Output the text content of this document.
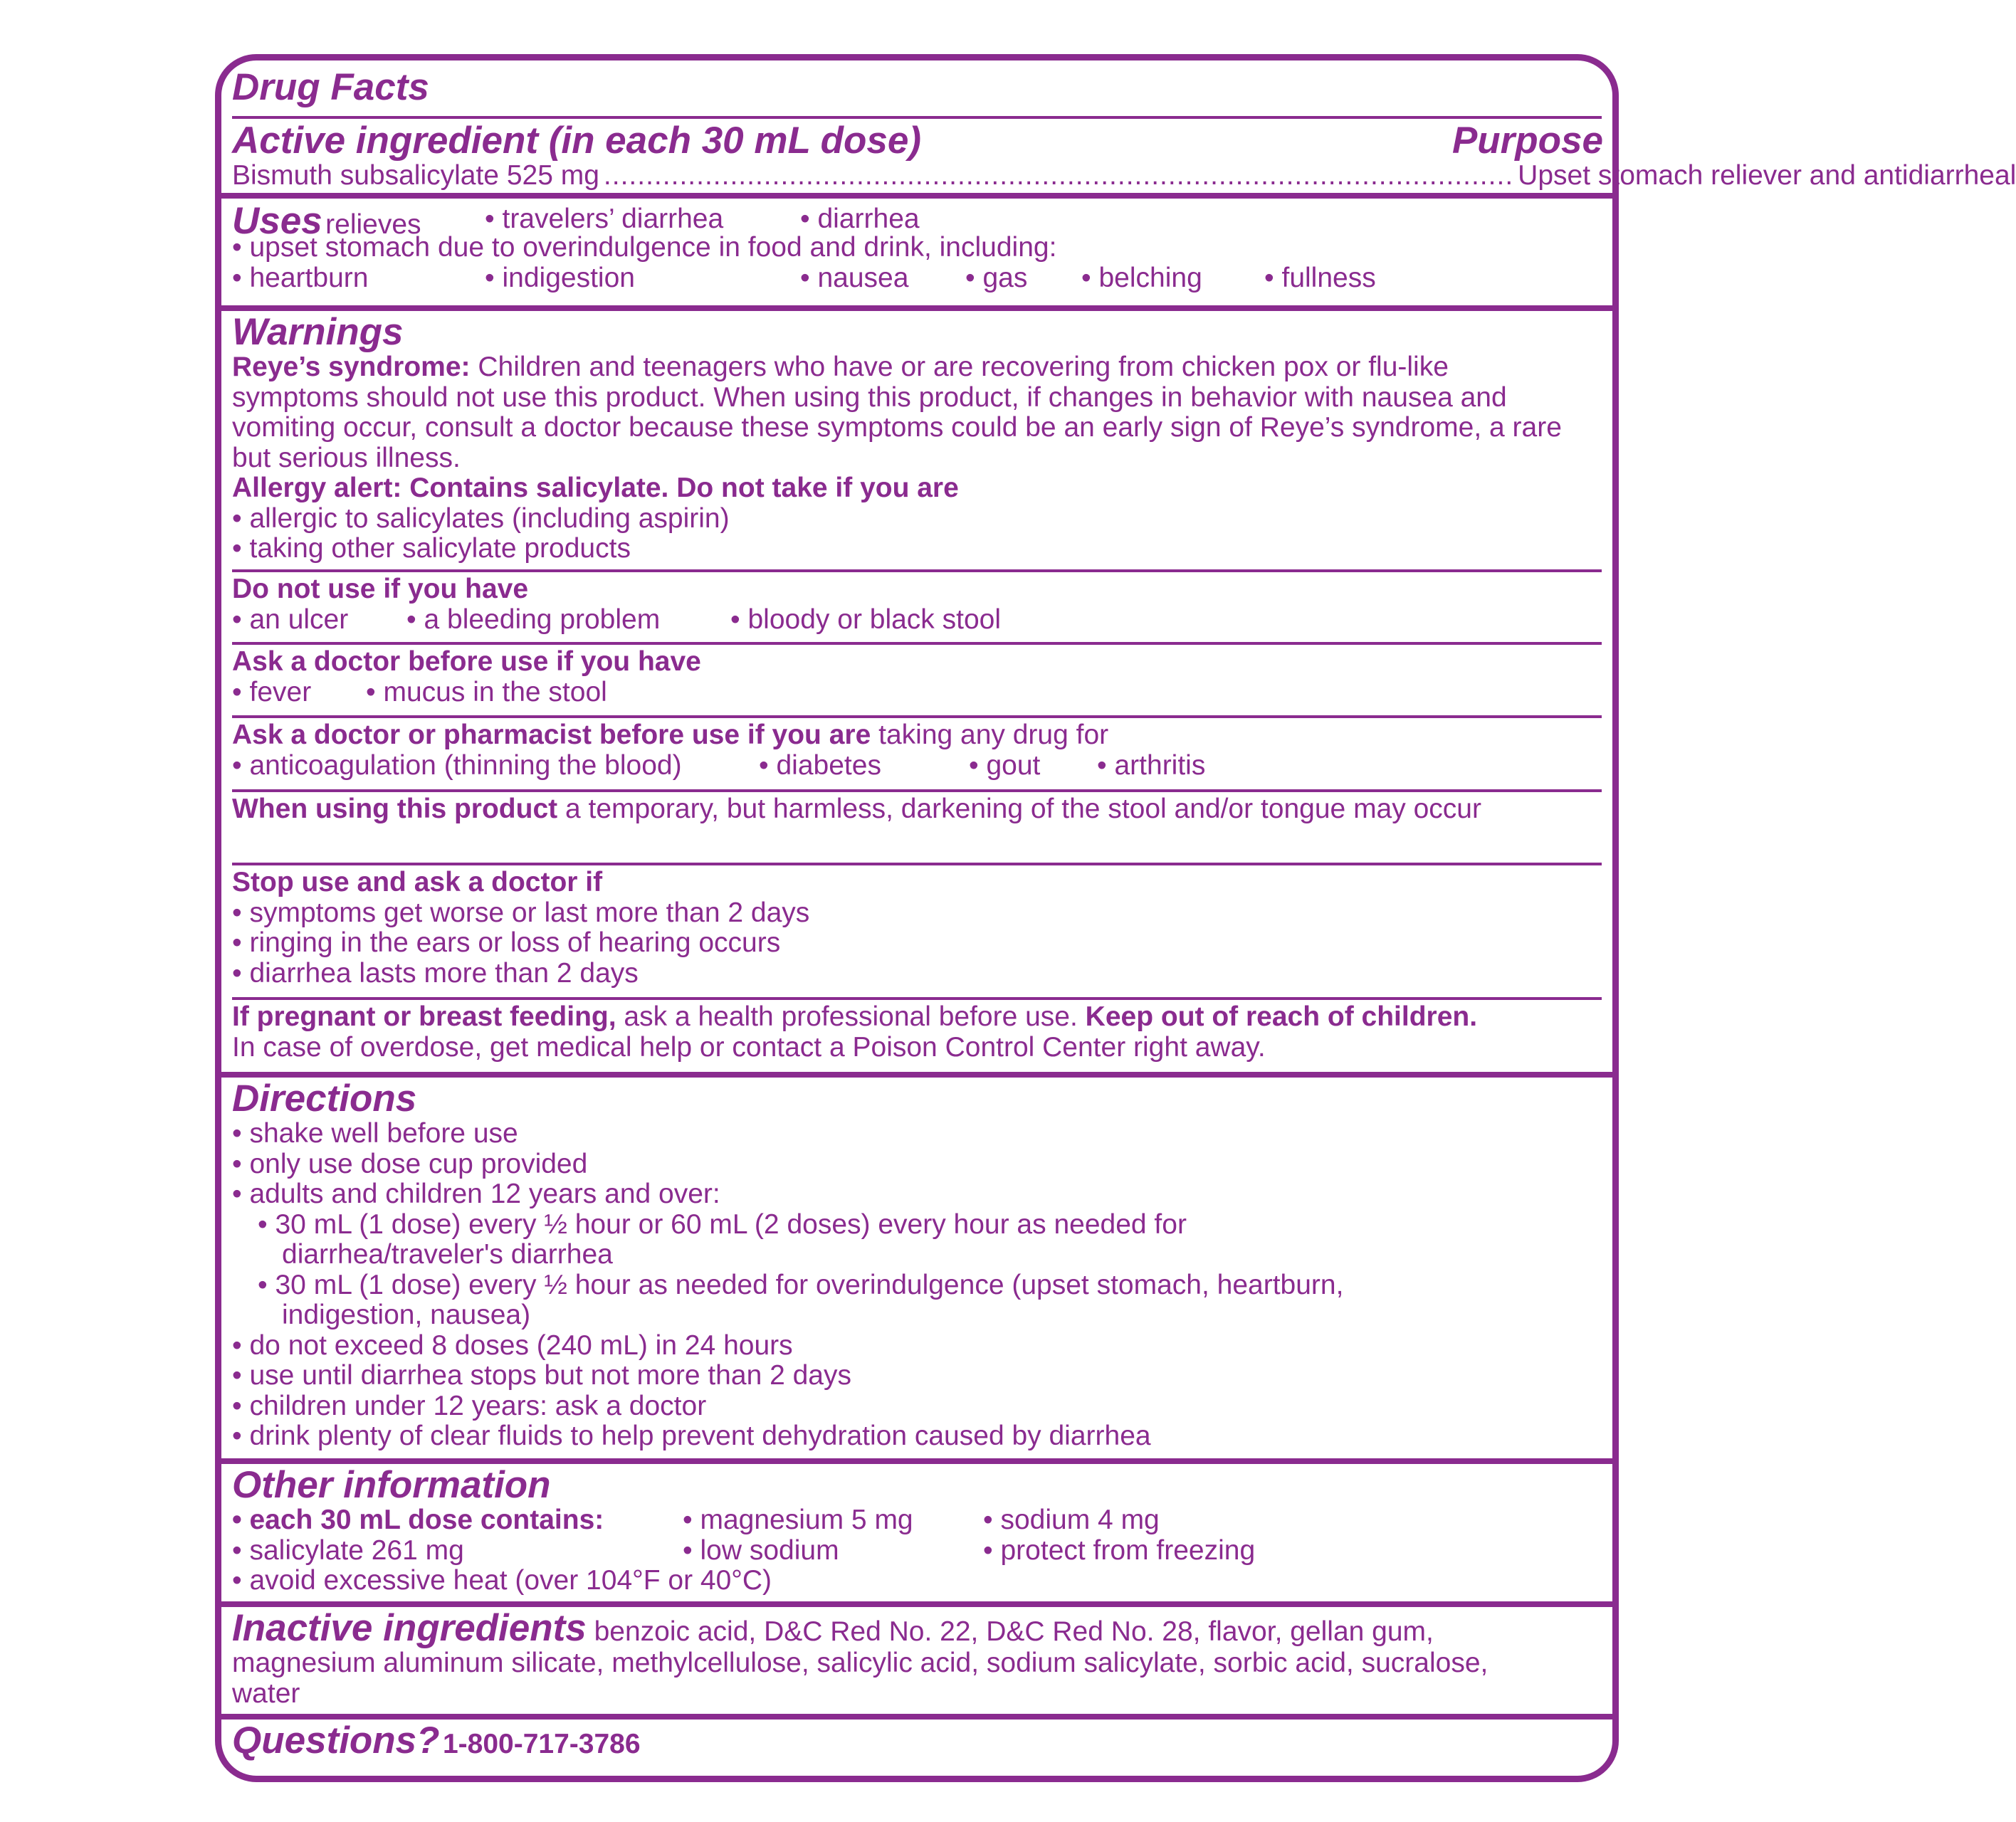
Drug Facts
Active ingredient (in each 30 mL dose)	Purpose
Bismuth subsalicylate 525 mg ............................................................................................................ Upset stomach reliever and antidiarrheal
Uses relieves • travelers’ diarrhea	• diarrhea
• upset stomach due to overindulgence in food and drink, including:
• heartburn	• indigestion	• nausea • gas • belching • fullness
Warnings
Reye’s syndrome: Children and teenagers who have or are recovering from chicken pox or flu-like symptoms should not use this product. When using this product, if changes in behavior with nausea and vomiting occur, consult a doctor because these symptoms could be an early sign of Reye’s syndrome, a rare but serious illness.
Allergy alert: Contains salicylate. Do not take if you are
• allergic to salicylates (including aspirin)
• taking other salicylate products
Do not use if you have
• an ulcer • a bleeding problem	• bloody or black stool
Ask a doctor before use if you have
• fever • mucus in the stool
Ask a doctor or pharmacist before use if you are taking any drug for
• anticoagulation (thinning the blood)	• diabetes	• gout • arthritis
When using this product a temporary, but harmless, darkening of the stool and/or tongue may occur
Stop use and ask a doctor if
• symptoms get worse or last more than 2 days
• ringing in the ears or loss of hearing occurs
• diarrhea lasts more than 2 days
If pregnant or breast feeding, ask a health professional before use. Keep out of reach of children.
In case of overdose, get medical help or contact a Poison Control Center right away.
Directions
• shake well before use
• only use dose cup provided
• adults and children 12 years and over:
• 30 mL (1 dose) every ½ hour or 60 mL (2 doses) every hour as needed for diarrhea/traveler's diarrhea
• 30 mL (1 dose) every ½ hour as needed for overindulgence (upset stomach, heartburn, indigestion, nausea)
• do not exceed 8 doses (240 mL) in 24 hours
• use until diarrhea stops but not more than 2 days
• children under 12 years: ask a doctor
• drink plenty of clear fluids to help prevent dehydration caused by diarrhea
Other information
• each 30 mL dose contains:	• magnesium 5 mg	• sodium 4 mg
• salicylate 261 mg	• low sodium	• protect from freezing
• avoid excessive heat (over 104°F or 40°C)
Inactive ingredients benzoic acid, D&C Red No. 22, D&C Red No. 28, flavor, gellan gum, magnesium aluminum silicate, methylcellulose, salicylic acid, sodium salicylate, sorbic acid, sucralose, water
Questions? 1-800-717-3786
